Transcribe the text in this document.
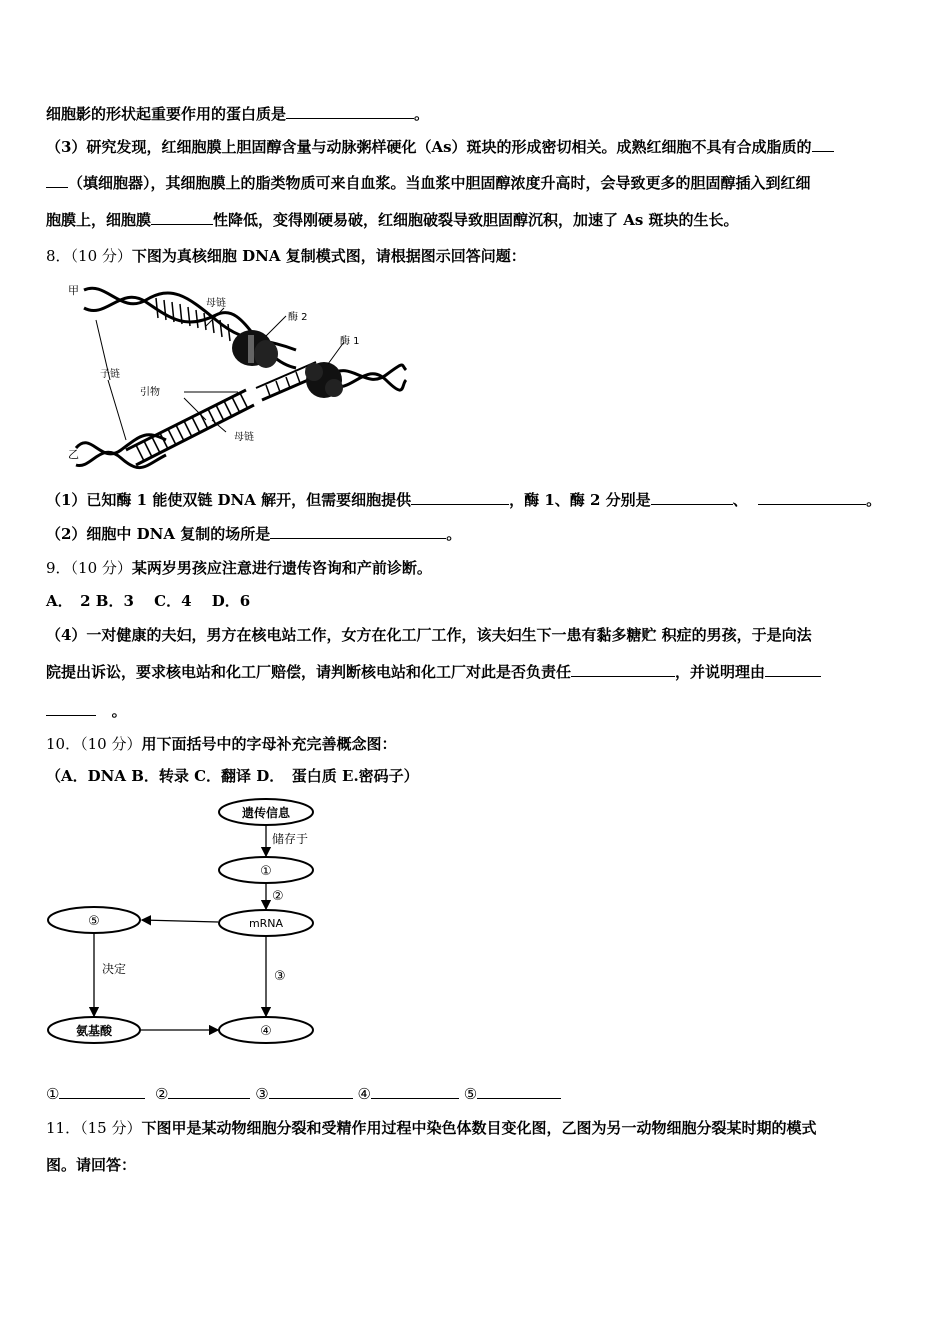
细胞影的形状起重要作用的蛋白质是	。
（3）研究发现，红细胞膜上胆固醇含量与动脉粥样硬化（As）斑块的形成密切相关。成熟红细胞不具有合成脂质的
（填细胞器），其细胞膜上的脂类物质可来自血浆。当血浆中胆固醇浓度升高时，会导致更多的胆固醇插入到红细
胞膜上，细胞膜	性降低，变得刚硬易破，红细胞破裂导致胆固醇沉积，加速了 As 斑块的生长。
8．（10 分）下图为真核细胞 DNA 复制模式图，请根据图示回答问题：
甲
乙
母链
酶 2
酶 1
子链
引物
母链
（1）已知酶 1 能使双链 DNA 解开，但需要细胞提供	，酶 1、酶 2 分别是	、	。
（2）细胞中 DNA 复制的场所是	。
9．（10 分）某两岁男孩应注意进行遗传咨询和产前诊断。
A．　2 B．3　 C．4　 D．6
（4）一对健康的夫妇，男方在核电站工作，女方在化工厂工作，该夫妇生下一患有黏多糖贮 积症的男孩，于是向法
院提出诉讼，要求核电站和化工厂赔偿，请判断核电站和化工厂对此是否负责任	，并说明理由
。
10．（10 分）用下面括号中的字母补充完善概念图：
（A．DNA B．转录 C．翻译 D．　蛋白质 E.密码子）
遗传信息
储存于
①
②
mRNA
⑤
决定	③
氨基酸	④
①	②	③	④	⑤
11．（15 分）下图甲是某动物细胞分裂和受精作用过程中染色体数目变化图，乙图为另一动物细胞分裂某时期的模式
图。请回答：
